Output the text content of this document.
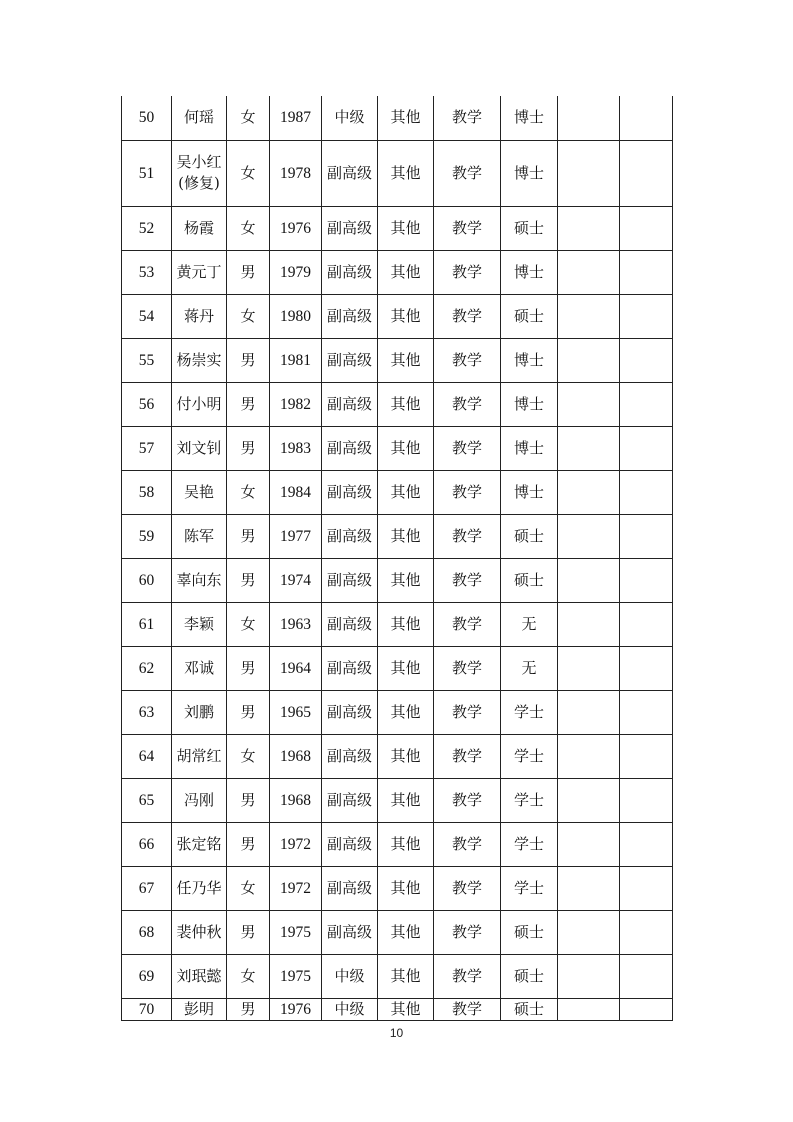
50	何瑶	女	1987	中级	其他	教学	博士		
51	吴小红(修复)	女	1978	副高级	其他	教学	博士		
52	杨霞	女	1976	副高级	其他	教学	硕士		
53	黄元丁	男	1979	副高级	其他	教学	博士		
54	蒋丹	女	1980	副高级	其他	教学	硕士		
55	杨崇实	男	1981	副高级	其他	教学	博士		
56	付小明	男	1982	副高级	其他	教学	博士		
57	刘文钊	男	1983	副高级	其他	教学	博士		
58	吴艳	女	1984	副高级	其他	教学	博士		
59	陈军	男	1977	副高级	其他	教学	硕士		
60	辜向东	男	1974	副高级	其他	教学	硕士		
61	李颖	女	1963	副高级	其他	教学	无		
62	邓诚	男	1964	副高级	其他	教学	无		
63	刘鹏	男	1965	副高级	其他	教学	学士		
64	胡常红	女	1968	副高级	其他	教学	学士		
65	冯刚	男	1968	副高级	其他	教学	学士		
66	张定铭	男	1972	副高级	其他	教学	学士		
67	任乃华	女	1972	副高级	其他	教学	学士		
68	裴仲秋	男	1975	副高级	其他	教学	硕士		
69	刘珉懿	女	1975	中级	其他	教学	硕士		
70	彭明	男	1976	中级	其他	教学	硕士		
10
